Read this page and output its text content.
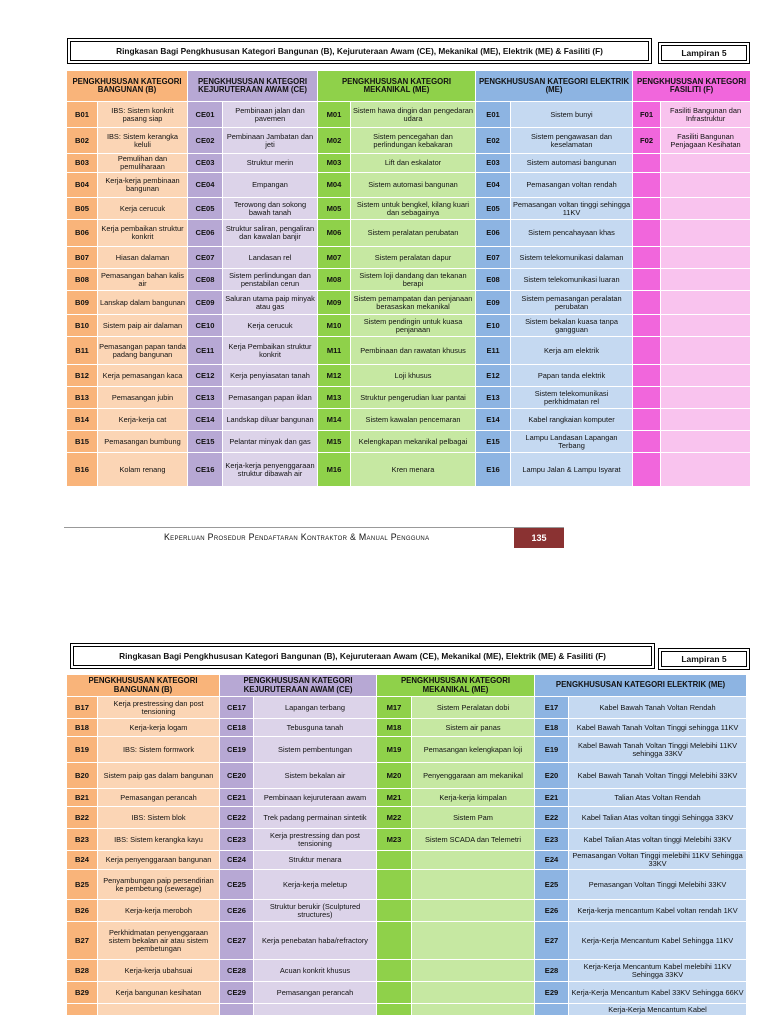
Ringkasan Bagi Pengkhususan Kategori Bangunan (B), Kejuruteraan Awam (CE), Mekanikal (ME), Elektrik (ME) & Fasiliti (F)	Lampiran 5
PENGKHUSUSAN KATEGORI BANGUNAN (B)		PENGKHUSUSAN KATEGORI KEJURUTERAAN AWAM (CE)		PENGKHUSUSAN KATEGORI MEKANIKAL (ME)		PENGKHUSUSAN KATEGORI ELEKTRIK (ME)		PENGKHUSUSAN KATEGORI FASILITI (F)	
B01	IBS: Sistem konkrit pasang siap	CE01	Pembinaan jalan dan pavemen	M01	Sistem hawa dingin dan pengedaran udara	E01	Sistem bunyi	F01	Fasiliti Bangunan dan Infrastruktur
B02	IBS: Sistem kerangka keluli	CE02	Pembinaan Jambatan dan jeti	M02	Sistem pencegahan dan perlindungan kebakaran	E02	Sistem pengawasan dan keselamatan	F02	Fasiliti Bangunan Penjagaan Kesihatan
B03	Pemulihan dan pemuliharaan	CE03	Struktur merin	M03	Lift dan eskalator	E03	Sistem automasi bangunan		
B04	Kerja-kerja pembinaan bangunan	CE04	Empangan	M04	Sistem automasi bangunan	E04	Pemasangan voltan rendah		
B05	Kerja cerucuk	CE05	Terowong dan sokong bawah tanah	M05	Sistem untuk bengkel, kilang kuari dan sebagainya	E05	Pemasangan voltan tinggi sehingga 11KV		
B06	Kerja pembaikan struktur konkrit	CE06	Struktur saliran, pengaliran dan kawalan banjir	M06	Sistem peralatan perubatan	E06	Sistem pencahayaan khas		
B07	Hiasan dalaman	CE07	Landasan rel	M07	Sistem peralatan dapur	E07	Sistem telekomunikasi dalaman		
B08	Pemasangan bahan kalis air	CE08	Sistem perlindungan dan penstabilan cerun	M08	Sistem loji dandang dan tekanan berapi	E08	Sistem telekomunikasi luaran		
B09	Lanskap dalam bangunan	CE09	Saluran utama paip minyak atau gas	M09	Sistem pemampatan dan penjanaan berasaskan mekanikal	E09	Sistem pemasangan peralatan perubatan		
B10	Sistem paip air dalaman	CE10	Kerja cerucuk	M10	Sistem pendingin untuk kuasa penjanaan	E10	Sistem bekalan kuasa tanpa gangguan		
B11	Pemasangan papan tanda padang bangunan	CE11	Kerja Pembaikan struktur konkrit	M11	Pembinaan dan rawatan khusus	E11	Kerja am elektrik		
B12	Kerja pemasangan kaca	CE12	Kerja penyiasatan tanah	M12	Loji khusus	E12	Papan tanda elektrik		
B13	Pemasangan jubin	CE13	Pemasangan papan iklan	M13	Struktur pengerudian luar pantai	E13	Sistem telekomunikasi perkhidmatan rel		
B14	Kerja-kerja cat	CE14	Landskap diluar bangunan	M14	Sistem kawalan pencemaran	E14	Kabel rangkaian komputer		
B15	Pemasangan bumbung	CE15	Pelantar minyak dan gas	M15	Kelengkapan mekanikal pelbagai	E15	Lampu Landasan Lapangan Terbang		
B16	Kolam renang	CE16	Kerja-kerja penyenggaraan struktur dibawah air	M16	Kren menara	E16	Lampu Jalan & Lampu Isyarat		
Keperluan Prosedur Pendaftaran Kontraktor & Manual Pengguna	135
Ringkasan Bagi Pengkhususan Kategori Bangunan (B), Kejuruteraan Awam (CE), Mekanikal (ME), Elektrik (ME) & Fasiliti (F)	Lampiran 5
PENGKHUSUSAN KATEGORI BANGUNAN (B)		PENGKHUSUSAN KATEGORI KEJURUTERAAN AWAM (CE)		PENGKHUSUSAN KATEGORI MEKANIKAL (ME)		PENGKHUSUSAN KATEGORI ELEKTRIK (ME)	
B17	Kerja prestressing dan post tensioning	CE17	Lapangan terbang	M17	Sistem Peralatan dobi	E17	Kabel Bawah Tanah Voltan Rendah
B18	Kerja-kerja logam	CE18	Tebusguna tanah	M18	Sistem air panas	E18	Kabel Bawah Tanah Voltan Tinggi sehingga 11KV
B19	IBS: Sistem formwork	CE19	Sistem pembentungan	M19	Pemasangan kelengkapan loji	E19	Kabel Bawah Tanah Voltan Tinggi Melebihi 11KV sehingga 33KV
B20	Sistem paip gas dalam bangunan	CE20	Sistem bekalan air	M20	Penyenggaraan am mekanikal	E20	Kabel Bawah Tanah Voltan Tinggi Melebihi 33KV
B21	Pemasangan perancah	CE21	Pembinaan kejuruteraan awam	M21	Kerja-kerja kimpalan	E21	Talian Atas Voltan Rendah
B22	IBS: Sistem blok	CE22	Trek padang permainan sintetik	M22	Sistem Pam	E22	Kabel Talian Atas voltan tinggi Sehingga 33KV
B23	IBS: Sistem kerangka kayu	CE23	Kerja prestressing dan post tensioning	M23	Sistem SCADA dan Telemetri	E23	Kabel Talian Atas voltan tinggi Melebihi 33KV
B24	Kerja penyenggaraan bangunan	CE24	Struktur menara			E24	Pemasangan Voltan Tinggi melebihi 11KV Sehingga 33KV
B25	Penyambungan paip persendirian ke pembetung (sewerage)	CE25	Kerja-kerja meletup			E25	Pemasangan Voltan Tinggi Melebihi 33KV
B26	Kerja-kerja meroboh	CE26	Struktur berukir (Sculptured structures)			E26	Kerja-kerja mencantum Kabel voltan rendah 1KV
B27	Perkhidmatan penyenggaraan sistem bekalan air atau sistem pembetungan	CE27	Kerja penebatan haba/refractory			E27	Kerja-Kerja Mencantum Kabel Sehingga 11KV
B28	Kerja-kerja ubahsuai	CE28	Acuan konkrit khusus			E28	Kerja-Kerja Mencantum Kabel melebihi 11KV Sehingga 33KV
B29	Kerja bangunan kesihatan	CE29	Pemasangan perancah			E29	Kerja-Kerja Mencantum Kabel 33KV Sehingga 66KV
							Kerja-Kerja Mencantum Kabel
